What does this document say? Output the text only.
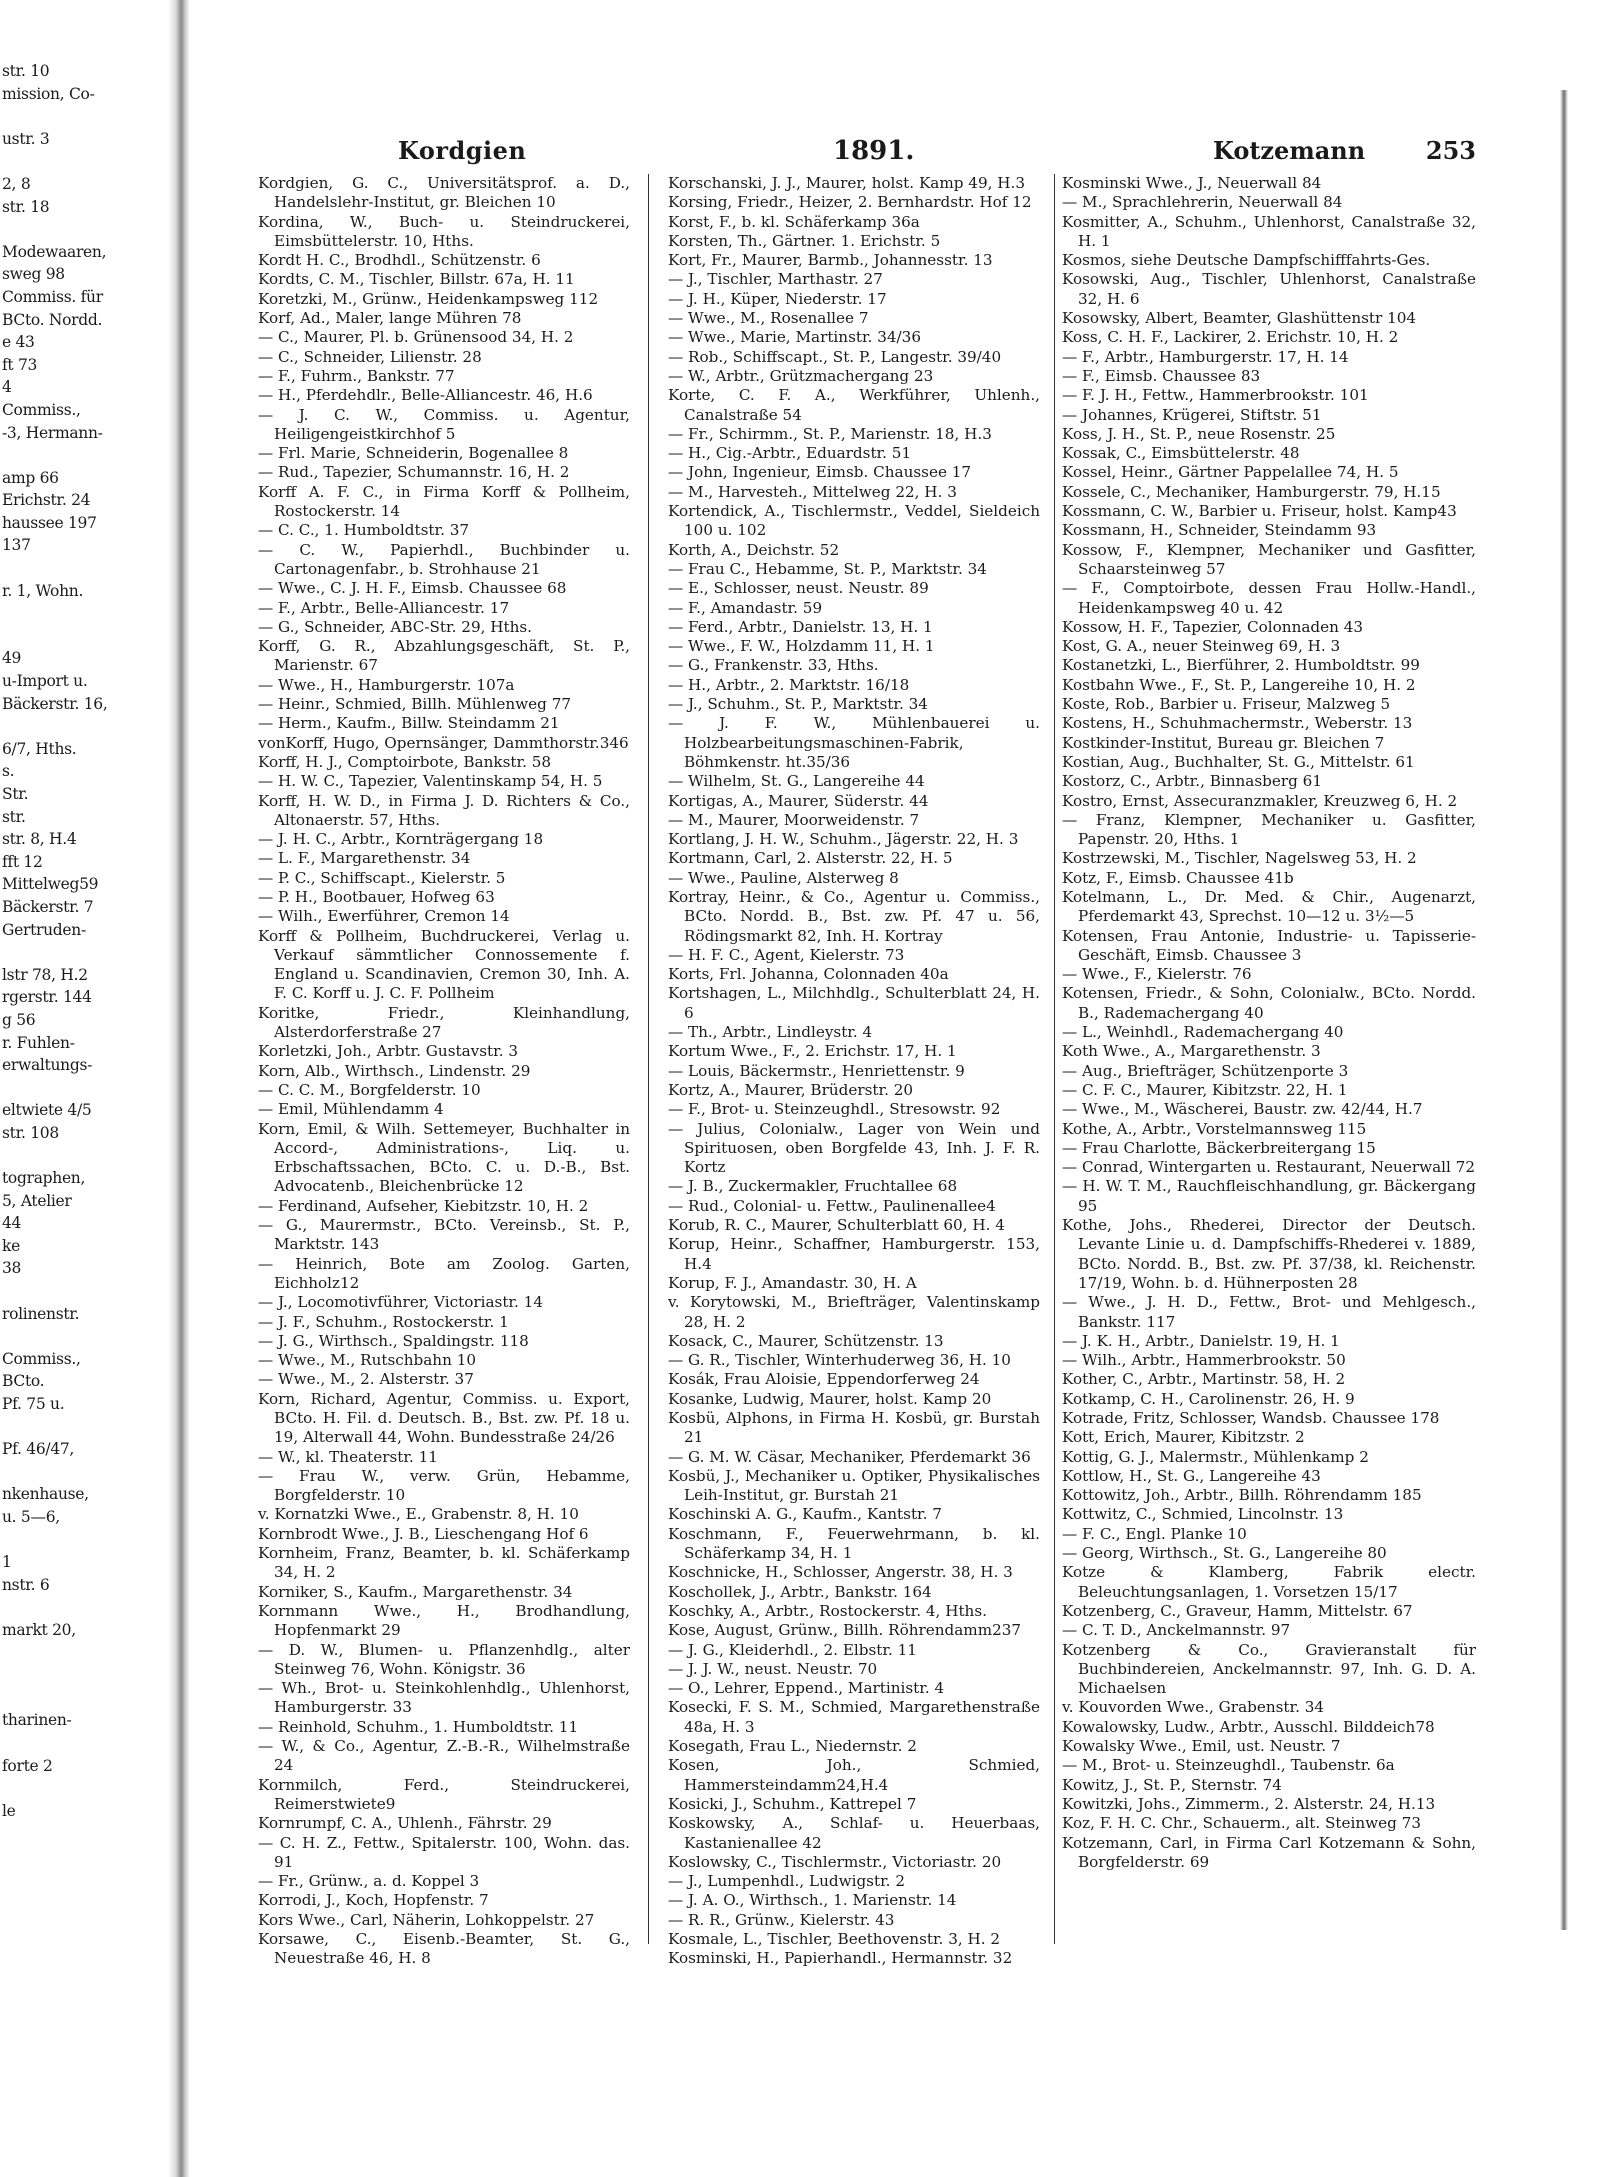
str. 10
mission, Co-

ustr. 3

2, 8
str. 18

Modewaaren,
sweg 98
Commiss. für
BCto. Nordd.
e 43
ft 73
4
Commiss.,
-3, Hermann-

amp 66
Erichstr. 24
haussee 197
137

r. 1, Wohn.

49
u-Import u.
Bäckerstr. 16,

6/7, Hths.
s.
Str.
str.
str. 8, H.4
fft 12
Mittelweg59
Bäckerstr. 7
Gertruden-

lstr 78, H.2
rgerstr. 144
g 56
r. Fuhlen-
erwaltungs-

eltwiete 4/5
str. 108

tographen,
5, Atelier
44
ke
38

rolinenstr.

Commiss.,
BCto.
Pf. 75 u.

Pf. 46/47,

nkenhause,
u. 5—6,

1
nstr. 6

markt 20,

tharinen-

forte 2

le

Kordgien	1891.	Kotzemann	253
Kordgien, G. C., Universitätsprof. a. D., Handelslehr-Institut, gr. Bleichen 10
Kordina, W., Buch- u. Steindruckerei, Eimsbüttelerstr. 10, Hths.
Kordt H. C., Brodhdl., Schützenstr. 6
Kordts, C. M., Tischler, Billstr. 67a, H. 11
Koretzki, M., Grünw., Heidenkampsweg 112
Korf, Ad., Maler, lange Mühren 78
— C., Maurer, Pl. b. Grünensood 34, H. 2
— C., Schneider, Lilienstr. 28
— F., Fuhrm., Bankstr. 77
— H., Pferdehdlr., Belle-Alliancestr. 46, H.6
— J. C. W., Commiss. u. Agentur, Heiligengeistkirchhof 5
— Frl. Marie, Schneiderin, Bogenallee 8
— Rud., Tapezier, Schumannstr. 16, H. 2
Korff A. F. C., in Firma Korff & Pollheim, Rostockerstr. 14
— C. C., 1. Humboldtstr. 37
— C. W., Papierhdl., Buchbinder u. Cartonagenfabr., b. Strohhause 21
— Wwe., C. J. H. F., Eimsb. Chaussee 68
— F., Arbtr., Belle-Alliancestr. 17
— G., Schneider, ABC-Str. 29, Hths.
Korff, G. R., Abzahlungsgeschäft, St. P., Marienstr. 67
— Wwe., H., Hamburgerstr. 107a
— Heinr., Schmied, Billh. Mühlenweg 77
— Herm., Kaufm., Billw. Steindamm 21
vonKorff, Hugo, Opernsänger, Dammthorstr.346
Korff, H. J., Comptoirbote, Bankstr. 58
— H. W. C., Tapezier, Valentinskamp 54, H. 5
Korff, H. W. D., in Firma J. D. Richters & Co., Altonaerstr. 57, Hths.
— J. H. C., Arbtr., Kornträgergang 18
— L. F., Margarethenstr. 34
— P. C., Schiffscapt., Kielerstr. 5
— P. H., Bootbauer, Hofweg 63
— Wilh., Ewerführer, Cremon 14
Korff & Pollheim, Buchdruckerei, Verlag u. Verkauf sämmtlicher Connossemente f. England u. Scandinavien, Cremon 30, Inh. A. F. C. Korff u. J. C. F. Pollheim
Koritke, Friedr., Kleinhandlung, Alsterdorferstraße 27
Korletzki, Joh., Arbtr. Gustavstr. 3
Korn, Alb., Wirthsch., Lindenstr. 29
— C. C. M., Borgfelderstr. 10
— Emil, Mühlendamm 4
Korn, Emil, & Wilh. Settemeyer, Buchhalter in Accord-, Administrations-, Liq. u. Erbschaftssachen, BCto. C. u. D.-B., Bst. Advocatenb., Bleichenbrücke 12
— Ferdinand, Aufseher, Kiebitzstr. 10, H. 2
— G., Maurermstr., BCto. Vereinsb., St. P., Marktstr. 143
— Heinrich, Bote am Zoolog. Garten, Eichholz12
— J., Locomotivführer, Victoriastr. 14
— J. F., Schuhm., Rostockerstr. 1
— J. G., Wirthsch., Spaldingstr. 118
— Wwe., M., Rutschbahn 10
— Wwe., M., 2. Alsterstr. 37
Korn, Richard, Agentur, Commiss. u. Export, BCto. H. Fil. d. Deutsch. B., Bst. zw. Pf. 18 u. 19, Alterwall 44, Wohn. Bundesstraße 24/26
— W., kl. Theaterstr. 11
— Frau W., verw. Grün, Hebamme, Borgfelderstr. 10
v. Kornatzki Wwe., E., Grabenstr. 8, H. 10
Kornbrodt Wwe., J. B., Lieschengang Hof 6
Kornheim, Franz, Beamter, b. kl. Schäferkamp 34, H. 2
Korniker, S., Kaufm., Margarethenstr. 34
Kornmann Wwe., H., Brodhandlung, Hopfenmarkt 29
— D. W., Blumen- u. Pflanzenhdlg., alter Steinweg 76, Wohn. Königstr. 36
— Wh., Brot- u. Steinkohlenhdlg., Uhlenhorst, Hamburgerstr. 33
— Reinhold, Schuhm., 1. Humboldtstr. 11
— W., & Co., Agentur, Z.-B.-R., Wilhelmstraße 24
Kornmilch, Ferd., Steindruckerei, Reimerstwiete9
Kornrumpf, C. A., Uhlenh., Fährstr. 29
— C. H. Z., Fettw., Spitalerstr. 100, Wohn. das. 91
— Fr., Grünw., a. d. Koppel 3
Korrodi, J., Koch, Hopfenstr. 7
Kors Wwe., Carl, Näherin, Lohkoppelstr. 27
Korsawe, C., Eisenb.-Beamter, St. G., Neuestraße 46, H. 8
Korschanski, J. J., Maurer, holst. Kamp 49, H.3
Korsing, Friedr., Heizer, 2. Bernhardstr. Hof 12
Korst, F., b. kl. Schäferkamp 36a
Korsten, Th., Gärtner. 1. Erichstr. 5
Kort, Fr., Maurer, Barmb., Johannesstr. 13
— J., Tischler, Marthastr. 27
— J. H., Küper, Niederstr. 17
— Wwe., M., Rosenallee 7
— Wwe., Marie, Martinstr. 34/36
— Rob., Schiffscapt., St. P., Langestr. 39/40
— W., Arbtr., Grützmachergang 23
Korte, C. F. A., Werkführer, Uhlenh., Canalstraße 54
— Fr., Schirmm., St. P., Marienstr. 18, H.3
— H., Cig.-Arbtr., Eduardstr. 51
— John, Ingenieur, Eimsb. Chaussee 17
— M., Harvesteh., Mittelweg 22, H. 3
Kortendick, A., Tischlermstr., Veddel, Sieldeich 100 u. 102
Korth, A., Deichstr. 52
— Frau C., Hebamme, St. P., Marktstr. 34
— E., Schlosser, neust. Neustr. 89
— F., Amandastr. 59
— Ferd., Arbtr., Danielstr. 13, H. 1
— Wwe., F. W., Holzdamm 11, H. 1
— G., Frankenstr. 33, Hths.
— H., Arbtr., 2. Marktstr. 16/18
— J., Schuhm., St. P., Marktstr. 34
— J. F. W., Mühlenbauerei u. Holzbearbeitungsmaschinen-Fabrik, Böhmkenstr. ht.35/36
— Wilhelm, St. G., Langereihe 44
Kortigas, A., Maurer, Süderstr. 44
— M., Maurer, Moorweidenstr. 7
Kortlang, J. H. W., Schuhm., Jägerstr. 22, H. 3
Kortmann, Carl, 2. Alsterstr. 22, H. 5
— Wwe., Pauline, Alsterweg 8
Kortray, Heinr., & Co., Agentur u. Commiss., BCto. Nordd. B., Bst. zw. Pf. 47 u. 56, Rödingsmarkt 82, Inh. H. Kortray
— H. F. C., Agent, Kielerstr. 73
Korts, Frl. Johanna, Colonnaden 40a
Kortshagen, L., Milchhdlg., Schulterblatt 24, H. 6
— Th., Arbtr., Lindleystr. 4
Kortum Wwe., F., 2. Erichstr. 17, H. 1
— Louis, Bäckermstr., Henriettenstr. 9
Kortz, A., Maurer, Brüderstr. 20
— F., Brot- u. Steinzeughdl., Stresowstr. 92
— Julius, Colonialw., Lager von Wein und Spirituosen, oben Borgfelde 43, Inh. J. F. R. Kortz
— J. B., Zuckermakler, Fruchtallee 68
— Rud., Colonial- u. Fettw., Paulinenallee4
Korub, R. C., Maurer, Schulterblatt 60, H. 4
Korup, Heinr., Schaffner, Hamburgerstr. 153, H.4
Korup, F. J., Amandastr. 30, H. A
v. Korytowski, M., Briefträger, Valentinskamp 28, H. 2
Kosack, C., Maurer, Schützenstr. 13
— G. R., Tischler, Winterhuderweg 36, H. 10
Kosák, Frau Aloisie, Eppendorferweg 24
Kosanke, Ludwig, Maurer, holst. Kamp 20
Kosbü, Alphons, in Firma H. Kosbü, gr. Burstah 21
— G. M. W. Cäsar, Mechaniker, Pferdemarkt 36
Kosbü, J., Mechaniker u. Optiker, Physikalisches Leih-Institut, gr. Burstah 21
Koschinski A. G., Kaufm., Kantstr. 7
Koschmann, F., Feuerwehrmann, b. kl. Schäferkamp 34, H. 1
Koschnicke, H., Schlosser, Angerstr. 38, H. 3
Koschollek, J., Arbtr., Bankstr. 164
Koschky, A., Arbtr., Rostockerstr. 4, Hths.
Kose, August, Grünw., Billh. Röhrendamm237
— J. G., Kleiderhdl., 2. Elbstr. 11
— J. J. W., neust. Neustr. 70
— O., Lehrer, Eppend., Martinistr. 4
Kosecki, F. S. M., Schmied, Margarethenstraße 48a, H. 3
Kosegath, Frau L., Niedernstr. 2
Kosen, Joh., Schmied, Hammersteindamm24,H.4
Kosicki, J., Schuhm., Kattrepel 7
Koskowsky, A., Schlaf- u. Heuerbaas, Kastanienallee 42
Koslowsky, C., Tischlermstr., Victoriastr. 20
— J., Lumpenhdl., Ludwigstr. 2
— J. A. O., Wirthsch., 1. Marienstr. 14
— R. R., Grünw., Kielerstr. 43
Kosmale, L., Tischler, Beethovenstr. 3, H. 2
Kosminski, H., Papierhandl., Hermannstr. 32
Kosminski Wwe., J., Neuerwall 84
— M., Sprachlehrerin, Neuerwall 84
Kosmitter, A., Schuhm., Uhlenhorst, Canalstraße 32, H. 1
Kosmos, siehe Deutsche Dampfschifffahrts-Ges.
Kosowski, Aug., Tischler, Uhlenhorst, Canalstraße 32, H. 6
Kosowsky, Albert, Beamter, Glashüttenstr 104
Koss, C. H. F., Lackirer, 2. Erichstr. 10, H. 2
— F., Arbtr., Hamburgerstr. 17, H. 14
— F., Eimsb. Chaussee 83
— F. J. H., Fettw., Hammerbrookstr. 101
— Johannes, Krügerei, Stiftstr. 51
Koss, J. H., St. P., neue Rosenstr. 25
Kossak, C., Eimsbüttelerstr. 48
Kossel, Heinr., Gärtner Pappelallee 74, H. 5
Kossele, C., Mechaniker, Hamburgerstr. 79, H.15
Kossmann, C. W., Barbier u. Friseur, holst. Kamp43
Kossmann, H., Schneider, Steindamm 93
Kossow, F., Klempner, Mechaniker und Gasfitter, Schaarsteinweg 57
— F., Comptoirbote, dessen Frau Hollw.-Handl., Heidenkampsweg 40 u. 42
Kossow, H. F., Tapezier, Colonnaden 43
Kost, G. A., neuer Steinweg 69, H. 3
Kostanetzki, L., Bierführer, 2. Humboldtstr. 99
Kostbahn Wwe., F., St. P., Langereihe 10, H. 2
Koste, Rob., Barbier u. Friseur, Malzweg 5
Kostens, H., Schuhmachermstr., Weberstr. 13
Kostkinder-Institut, Bureau gr. Bleichen 7
Kostian, Aug., Buchhalter, St. G., Mittelstr. 61
Kostorz, C., Arbtr., Binnasberg 61
Kostro, Ernst, Assecuranzmakler, Kreuzweg 6, H. 2
— Franz, Klempner, Mechaniker u. Gasfitter, Papenstr. 20, Hths. 1
Kostrzewski, M., Tischler, Nagelsweg 53, H. 2
Kotz, F., Eimsb. Chaussee 41b
Kotelmann, L., Dr. Med. & Chir., Augenarzt, Pferdemarkt 43, Sprechst. 10—12 u. 3½—5
Kotensen, Frau Antonie, Industrie- u. Tapisserie-Geschäft, Eimsb. Chaussee 3
— Wwe., F., Kielerstr. 76
Kotensen, Friedr., & Sohn, Colonialw., BCto. Nordd. B., Rademachergang 40
— L., Weinhdl., Rademachergang 40
Koth Wwe., A., Margarethenstr. 3
— Aug., Briefträger, Schützenporte 3
— C. F. C., Maurer, Kibitzstr. 22, H. 1
— Wwe., M., Wäscherei, Baustr. zw. 42/44, H.7
Kothe, A., Arbtr., Vorstelmannsweg 115
— Frau Charlotte, Bäckerbreitergang 15
— Conrad, Wintergarten u. Restaurant, Neuerwall 72
— H. W. T. M., Rauchfleischhandlung, gr. Bäckergang 95
Kothe, Johs., Rhederei, Director der Deutsch. Levante Linie u. d. Dampfschiffs-Rhederei v. 1889, BCto. Nordd. B., Bst. zw. Pf. 37/38, kl. Reichenstr. 17/19, Wohn. b. d. Hühnerposten 28
— Wwe., J. H. D., Fettw., Brot- und Mehlgesch., Bankstr. 117
— J. K. H., Arbtr., Danielstr. 19, H. 1
— Wilh., Arbtr., Hammerbrookstr. 50
Kother, C., Arbtr., Martinstr. 58, H. 2
Kotkamp, C. H., Carolinenstr. 26, H. 9
Kotrade, Fritz, Schlosser, Wandsb. Chaussee 178
Kott, Erich, Maurer, Kibitzstr. 2
Kottig, G. J., Malermstr., Mühlenkamp 2
Kottlow, H., St. G., Langereihe 43
Kottowitz, Joh., Arbtr., Billh. Röhrendamm 185
Kottwitz, C., Schmied, Lincolnstr. 13
— F. C., Engl. Planke 10
— Georg, Wirthsch., St. G., Langereihe 80
Kotze & Klamberg, Fabrik electr. Beleuchtungsanlagen, 1. Vorsetzen 15/17
Kotzenberg, C., Graveur, Hamm, Mittelstr. 67
— C. T. D., Anckelmannstr. 97
Kotzenberg & Co., Gravieranstalt für Buchbindereien, Anckelmannstr. 97, Inh. G. D. A. Michaelsen
v. Kouvorden Wwe., Grabenstr. 34
Kowalowsky, Ludw., Arbtr., Ausschl. Bilddeich78
Kowalsky Wwe., Emil, ust. Neustr. 7
— M., Brot- u. Steinzeughdl., Taubenstr. 6a
Kowitz, J., St. P., Sternstr. 74
Kowitzki, Johs., Zimmerm., 2. Alsterstr. 24, H.13
Koz, F. H. C. Chr., Schauerm., alt. Steinweg 73
Kotzemann, Carl, in Firma Carl Kotzemann & Sohn, Borgfelderstr. 69
